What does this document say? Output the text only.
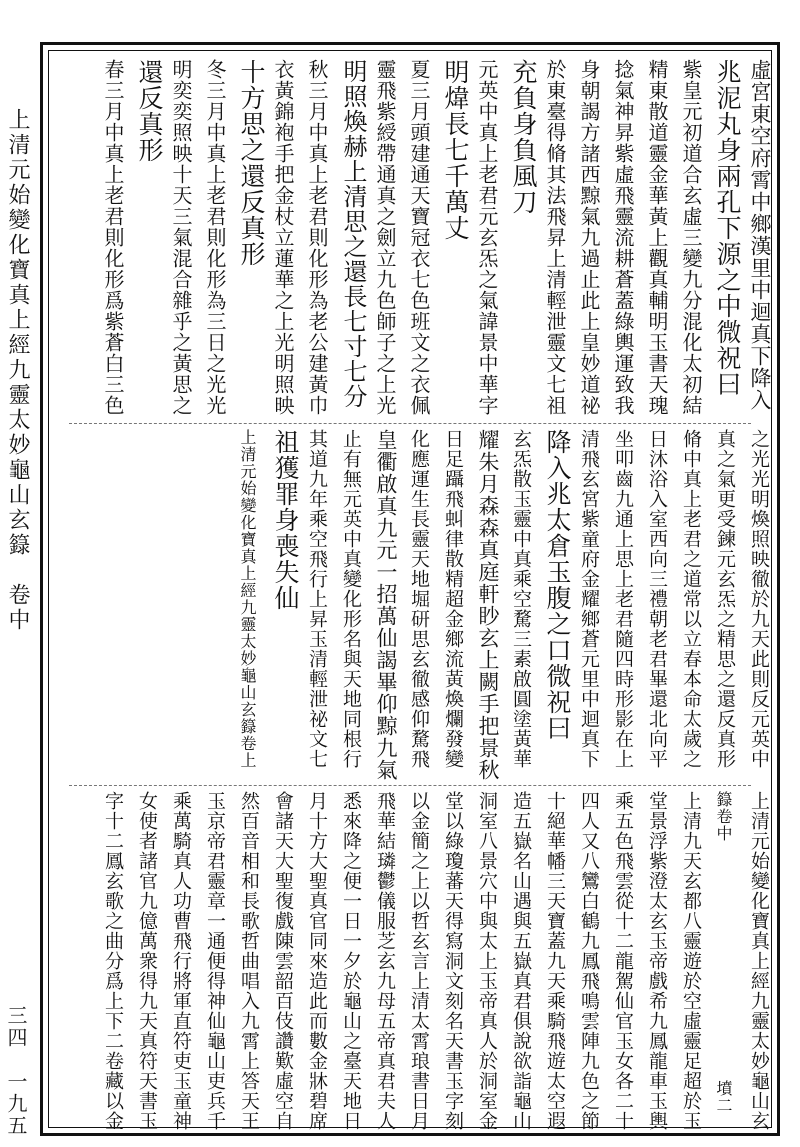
上清元始變化寶真上經九靈太妙龜山玄籙　卷中
三四　一九五
虛宮東空府霄中鄉漢里中迴真下降入
兆泥丸身兩孔下源之中微祝曰
紫皇元初道合玄虛三變九分混化太初結
精東散道靈金華黃上觀真輔明玉書天瑰
捻氣神昇紫虛飛靈流耕蒼蓋綠輿運致我
身朝謁方諸西黥氣九過止此上皇妙道祕
於東臺得脩其法飛昇上清輕泄靈文七祖
充負身負風刀
元英中真上老君元玄炁之氣諱景中華字
明煒長七千萬丈
夏三月頭建通天寶冠衣七色班文之衣佩
靈飛紫綬帶通真之劍立九色師子之上光
明照煥赫上清思之還長七寸七分
秋三月中真上老君則化形為老公建黃巾
衣黃錦袍手把金杖立蓮華之上光明照映
十方思之還反真形
冬三月中真上老君則化形為三日之光光
明奕奕照映十天三氣混合雜乎之黃思之
還反真形
春三月中真上老君則化形爲紫蒼白三色
之光光明煥照映徹於九天此則反元英中
真之氣更受鍊元玄炁之精思之還反真形
脩中真上老君之道常以立春本命太歲之
日沐浴入室西向三禮朝老君畢還北向平
坐叩齒九通上思上老君隨四時形影在上
清飛玄宮紫童府金耀鄉蒼元里中迴真下
降入兆太倉玉腹之口微祝曰
玄炁散玉靈中真乘空騖三素啟圓塗黃華
耀朱月森森真庭軒眇玄上闕手把景秋
日足躡飛虯律散精超金鄉流黃煥爛發變
化應運生長靈天地堀研思玄徹感仰騖飛
皇衢啟真九元一招萬仙謁畢仰黥九氣
止有無元英中真變化形名與天地同根行
其道九年乘空飛行上昇玉清輕泄祕文七
祖獲罪身喪失仙
上清元始變化寶真上經九靈太妙龜山玄籙卷上
上清元始變化寶真上經九靈太妙龜山玄
籙卷中　　　　　　　　　　　　　　墳二
上清九天玄都八靈遊於空虛靈足超於玉
堂景浮紫澄太玄玉帝戲希九鳳龍車玉輿
乘五色飛雲從十二龍駕仙官玉女各二十
四人又八鸞白鶴九鳳飛鳴雲陣九色之節
十絕華幡三天寶蓋九天乘騎飛遊太空遐
造五嶽名山遇與五嶽真君俱說欲詣龜山
洞室八景穴中與太上玉帝真人於洞室金
堂以綠瓊蕃天得寫洞文刻名天書玉字刻
以金簡之上以哲玄言上清太霄琅書日月
飛華結璘鬱儀服芝玄九母五帝真君夫人
悉來降之便一日一夕於龜山之臺天地日
月十方大聖真官同來造此而數金牀碧席
會諸天大聖復戲陳雲韶百伎讚歎虛空自
然百音相和長歌哲曲唱入九霄上答天王
玉京帝君靈章一通便得神仙龜山吏兵千
乘萬騎真人功曹飛行將軍直符吏玉童神
女使者諸官九億萬衆得九天真符天書玉
字十二鳳玄歌之曲分爲上下二卷藏以金
